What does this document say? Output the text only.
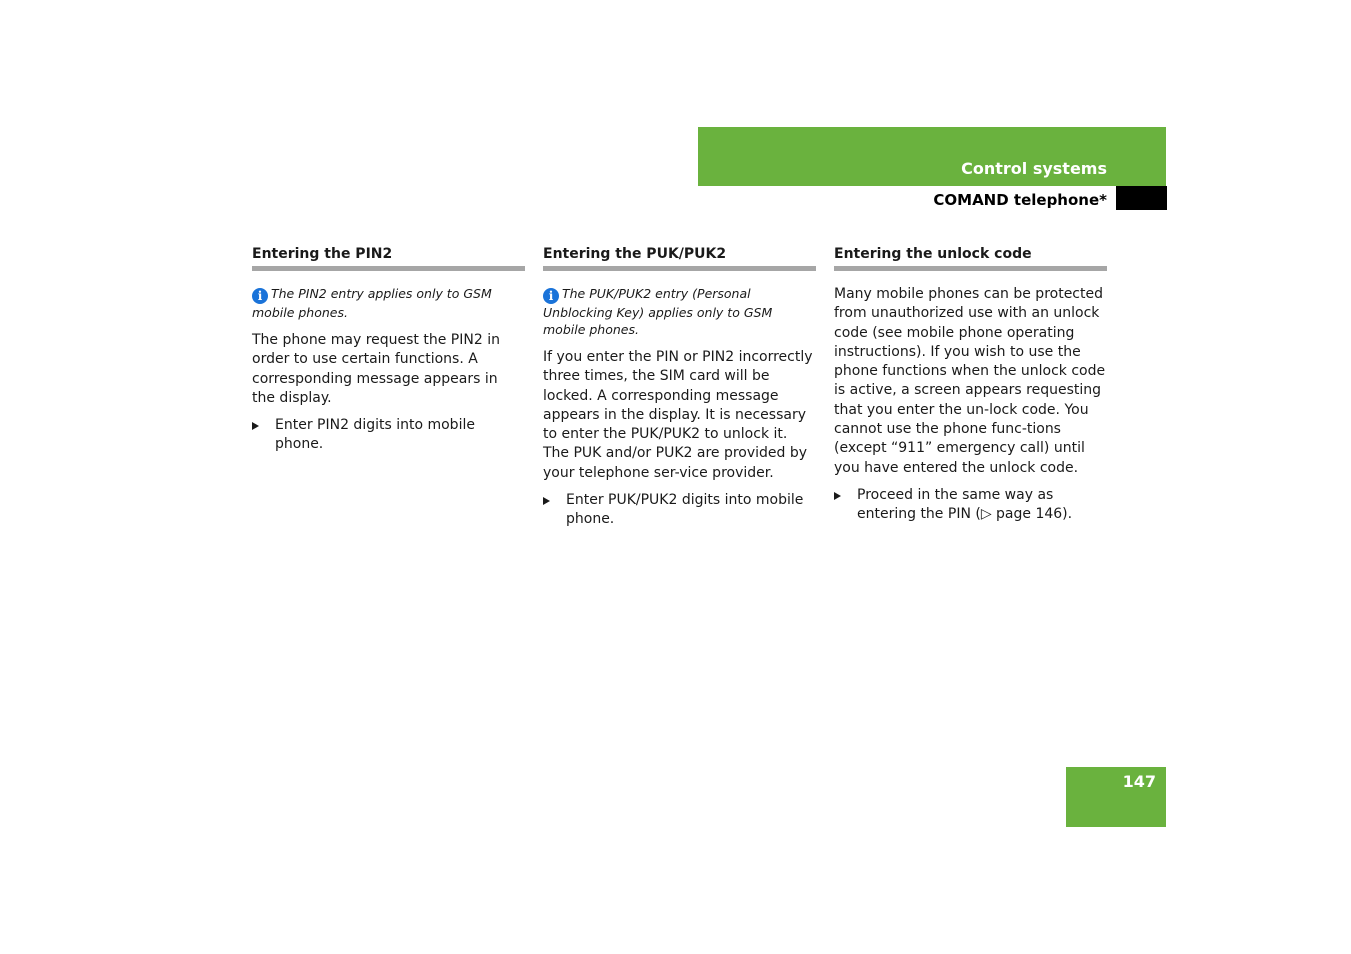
Control systems
COMAND telephone*
Entering the PIN2

i The PIN2 entry applies only to GSM mobile phones.

The phone may request the PIN2 in order to use certain functions. A corresponding message appears in the display.

Enter PIN2 digits into mobile phone.

Entering the PUK/PUK2

i The PUK/PUK2 entry (Personal Unblocking Key) applies only to GSM mobile phones.

If you enter the PIN or PIN2 incorrectly three times, the SIM card will be locked. A corresponding message appears in the display. It is necessary to enter the PUK/PUK2 to unlock it. The PUK and/or PUK2 are provided by your telephone ser-vice provider.

Enter PUK/PUK2 digits into mobile phone.

Entering the unlock code

Many mobile phones can be protected from unauthorized use with an unlock code (see mobile phone operating instructions). If you wish to use the phone functions when the unlock code is active, a screen appears requesting that you enter the un-lock code. You cannot use the phone func-tions (except “911” emergency call) until you have entered the unlock code.

Proceed in the same way as entering the PIN (▷ page 146).

147
